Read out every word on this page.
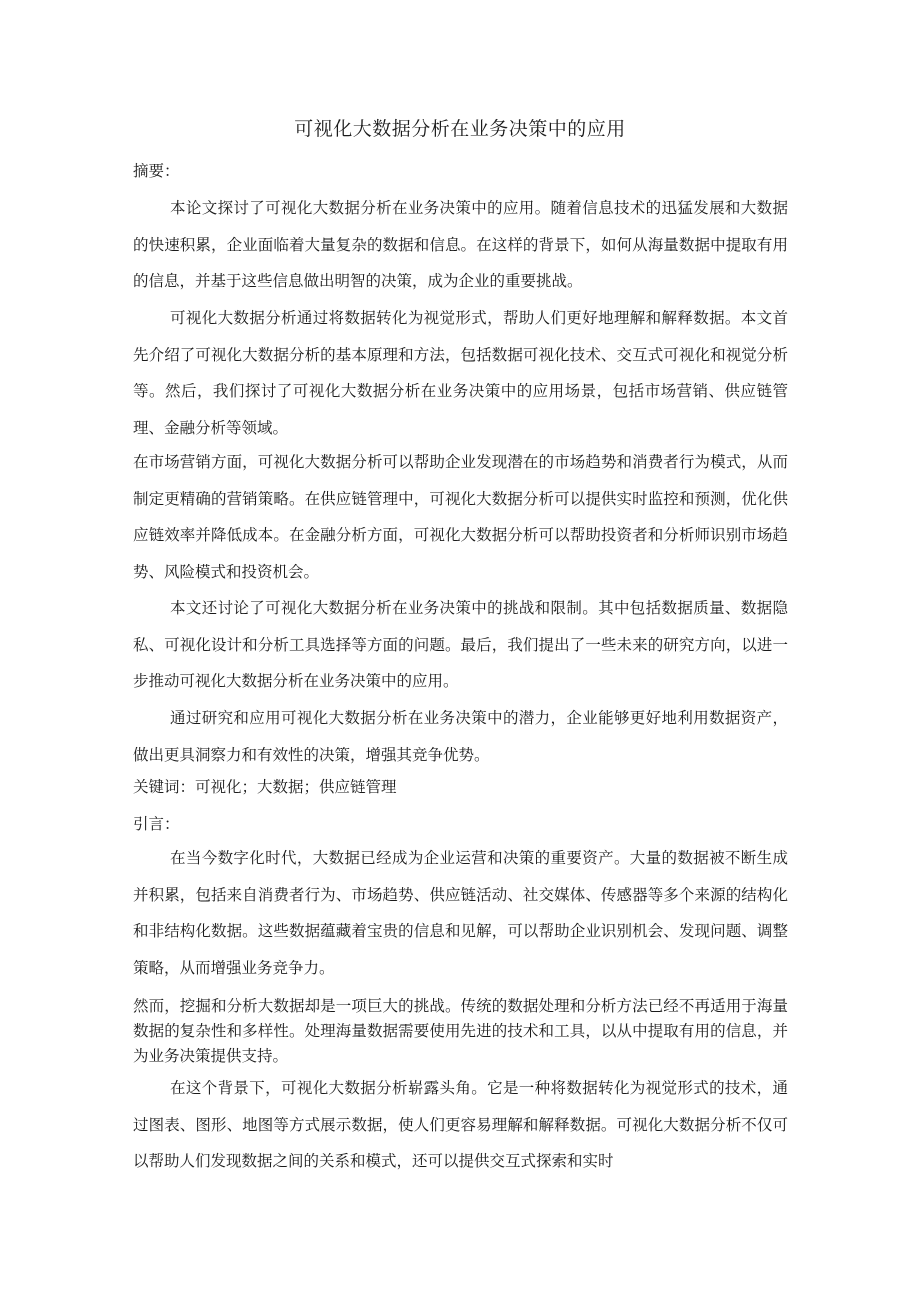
可视化大数据分析在业务决策中的应用
摘要：

本论文探讨了可视化大数据分析在业务决策中的应用。随着信息技术的迅猛发展和大数据的快速积累，企业面临着大量复杂的数据和信息。在这样的背景下，如何从海量数据中提取有用的信息，并基于这些信息做出明智的决策，成为企业的重要挑战。

可视化大数据分析通过将数据转化为视觉形式，帮助人们更好地理解和解释数据。本文首先介绍了可视化大数据分析的基本原理和方法，包括数据可视化技术、交互式可视化和视觉分析等。然后，我们探讨了可视化大数据分析在业务决策中的应用场景，包括市场营销、供应链管理、金融分析等领域。

在市场营销方面，可视化大数据分析可以帮助企业发现潜在的市场趋势和消费者行为模式，从而制定更精确的营销策略。在供应链管理中，可视化大数据分析可以提供实时监控和预测，优化供应链效率并降低成本。在金融分析方面，可视化大数据分析可以帮助投资者和分析师识别市场趋势、风险模式和投资机会。

本文还讨论了可视化大数据分析在业务决策中的挑战和限制。其中包括数据质量、数据隐私、可视化设计和分析工具选择等方面的问题。最后，我们提出了一些未来的研究方向，以进一步推动可视化大数据分析在业务决策中的应用。

通过研究和应用可视化大数据分析在业务决策中的潜力，企业能够更好地利用数据资产，做出更具洞察力和有效性的决策，增强其竞争优势。

关键词：可视化；大数据；供应链管理
引言：

在当今数字化时代，大数据已经成为企业运营和决策的重要资产。大量的数据被不断生成并积累，包括来自消费者行为、市场趋势、供应链活动、社交媒体、传感器等多个来源的结构化和非结构化数据。这些数据蕴藏着宝贵的信息和见解，可以帮助企业识别机会、发现问题、调整策略，从而增强业务竞争力。

然而，挖掘和分析大数据却是一项巨大的挑战。传统的数据处理和分析方法已经不再适用于海量数据的复杂性和多样性。处理海量数据需要使用先进的技术和工具，以从中提取有用的信息，并为业务决策提供支持。

在这个背景下，可视化大数据分析崭露头角。它是一种将数据转化为视觉形式的技术，通过图表、图形、地图等方式展示数据，使人们更容易理解和解释数据。可视化大数据分析不仅可以帮助人们发现数据之间的关系和模式，还可以提供交互式探索和实时
